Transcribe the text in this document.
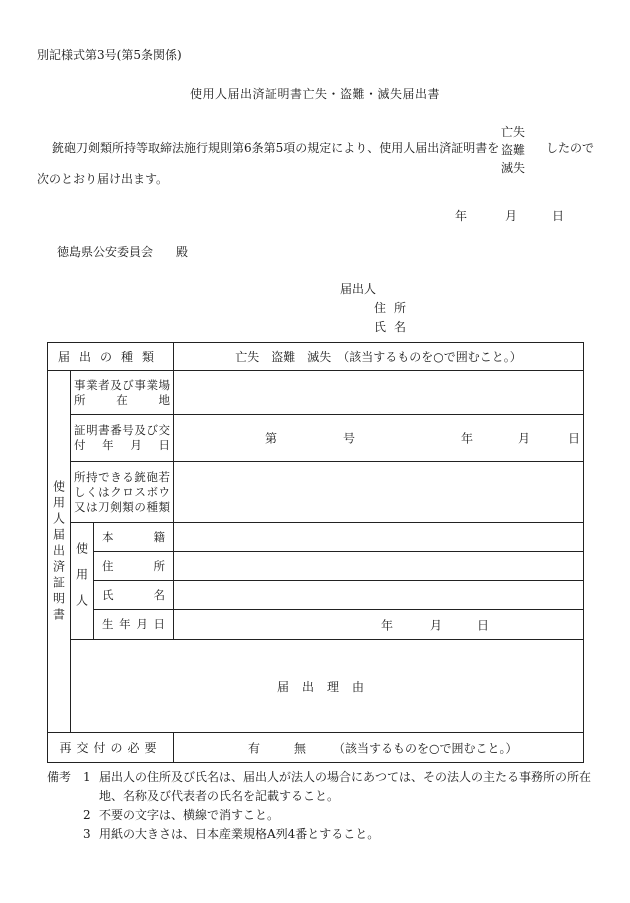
別記様式第3号(第5条関係)
使用人届出済証明書亡失・盗難・滅失届出書
銃砲刀剣類所持等取締法施行規則第6条第5項の規定により、使用人届出済証明書を
亡失
盗難
滅失
したので
次のとおり届け出ます。
年	月	日
徳島県公安委員会 殿
届出人
住所
氏名
届出の種類			亡失　盗難　滅失　（該当するものを○で囲むこと。）	

使用人届出済証明書	事業者及び事業場所在地			
	証明書番号及び交付年月日		第 号 年 月 日	

	所持できる銃砲若しくはクロスボウ又は刀剣類の種類			

	使用人	本籍		
		住所		
		氏名		
		生年月日	年 月 日	

	届出理由			
再交付の必要			有 無 （該当するものを○で囲むこと。）	
備考 1 届出人の住所及び氏名は、届出人が法人の場合にあつては、その法人の主たる事務所の所在地、名称及び代表者の氏名を記載すること。
2 不要の文字は、横線で消すこと。
3 用紙の大きさは、日本産業規格A列4番とすること。
